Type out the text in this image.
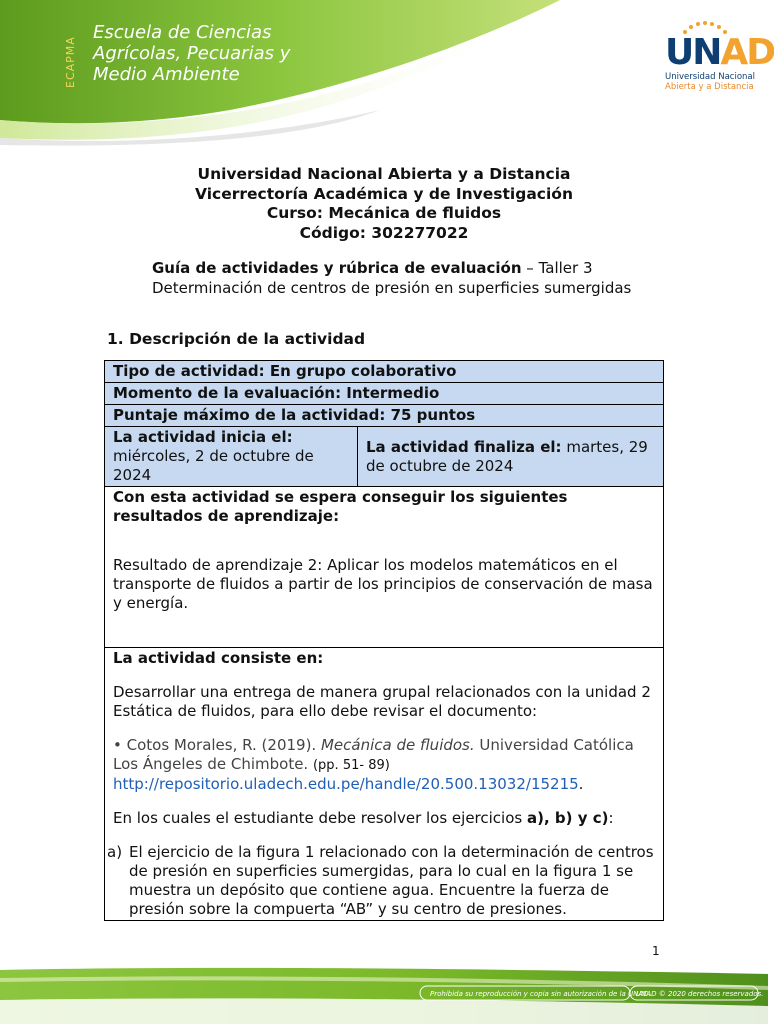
ECAPMA
Escuela de Ciencias
Agrícolas, Pecuarias y
Medio Ambiente
UNAD
Universidad Nacional
Abierta y a Distancia
Universidad Nacional Abierta y a Distancia
Vicerrectoría Académica y de Investigación
Curso: Mecánica de fluidos
Código: 302277022
Guía de actividades y rúbrica de evaluación – Taller 3
Determinación de centros de presión en superficies sumergidas
1. Descripción de la actividad
Tipo de actividad: En grupo colaborativo
Momento de la evaluación: Intermedio
Puntaje máximo de la actividad: 75 puntos

La actividad inicia el:
miércoles, 2 de octubre de 2024
	La actividad finaliza el: martes, 29 de octubre de 2024

Con esta actividad se espera conseguir los siguientes resultados de aprendizaje:
Resultado de aprendizaje 2: Aplicar los modelos matemáticos en el transporte de fluidos a partir de los principios de conservación de masa y energía.

La actividad consiste en:
Desarrollar una entrega de manera grupal relacionados con la unidad 2 Estática de fluidos, para ello debe revisar el documento:
• Cotos Morales, R. (2019). Mecánica de fluidos. Universidad Católica Los Ángeles de Chimbote. (pp. 51- 89)
http://repositorio.uladech.edu.pe/handle/20.500.13032/15215.
En los cuales el estudiante debe resolver los ejercicios a), b) y c):
a) El ejercicio de la figura 1 relacionado con la determinación de centros de presión en superficies sumergidas, para lo cual en la figura 1 se muestra un depósito que contiene agua. Encuentre la fuerza de presión sobre la compuerta “AB” y su centro de presiones.
1
Prohibida su reproducción y copia sin autorización de la UNAD.
UNAD © 2020 derechos reservados.
